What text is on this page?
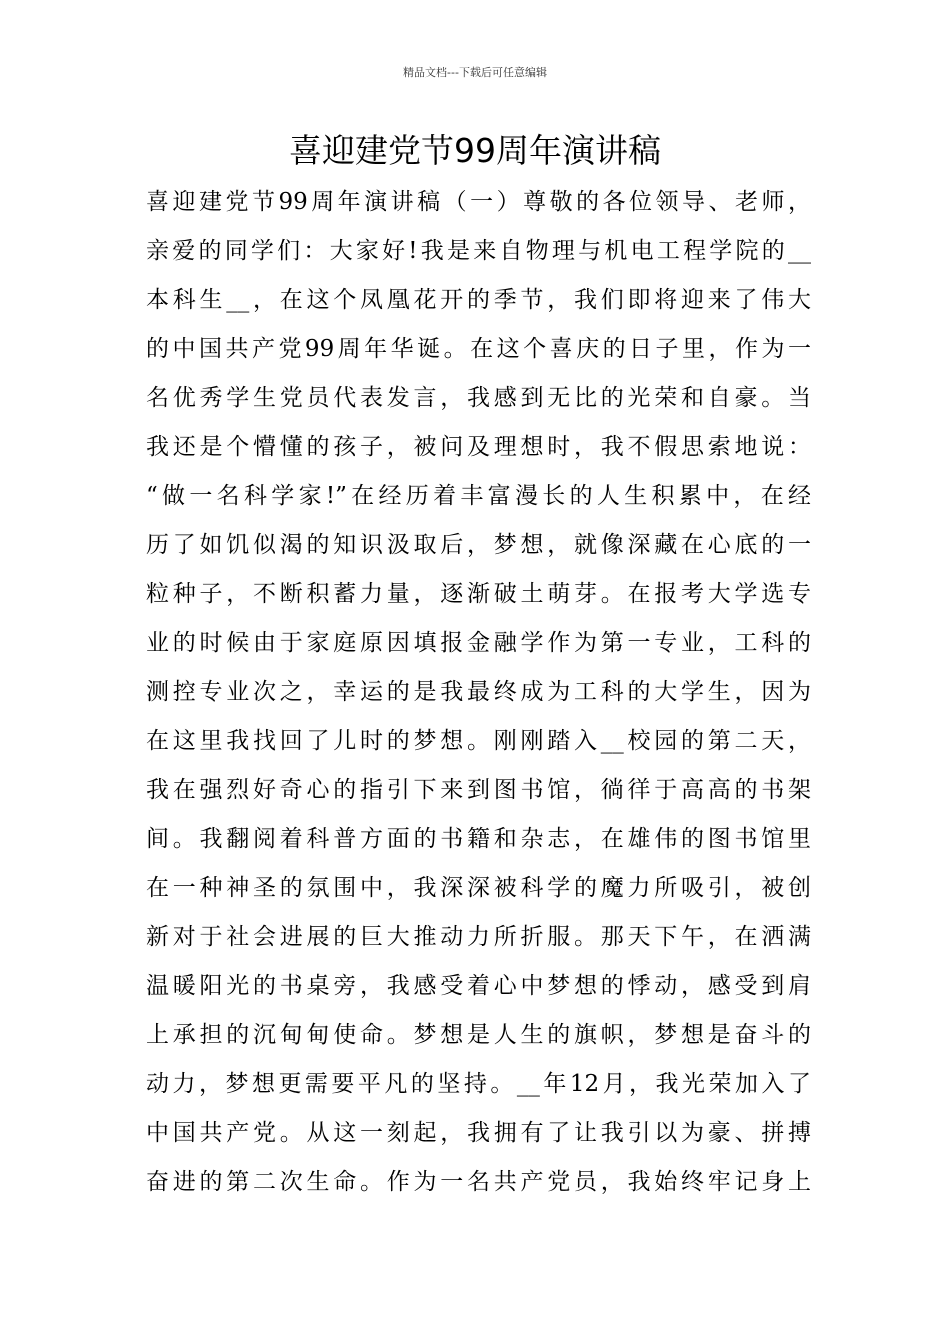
精品文档---下载后可任意编辑
喜迎建党节99周年演讲稿
喜迎建党节99周年演讲稿（一）尊敬的各位领导、老师，
亲爱的同学们：大家好!我是来自物理与机电工程学院的__
本科生__，在这个凤凰花开的季节，我们即将迎来了伟大
的中国共产党99周年华诞。在这个喜庆的日子里，作为一
名优秀学生党员代表发言，我感到无比的光荣和自豪。当
我还是个懵懂的孩子，被问及理想时，我不假思索地说：
“做一名科学家!”在经历着丰富漫长的人生积累中，在经
历了如饥似渴的知识汲取后，梦想，就像深藏在心底的一
粒种子，不断积蓄力量，逐渐破土萌芽。在报考大学选专
业的时候由于家庭原因填报金融学作为第一专业，工科的
测控专业次之，幸运的是我最终成为工科的大学生，因为
在这里我找回了儿时的梦想。刚刚踏入__校园的第二天，
我在强烈好奇心的指引下来到图书馆，徜徉于高高的书架
间。我翻阅着科普方面的书籍和杂志，在雄伟的图书馆里
在一种神圣的氛围中，我深深被科学的魔力所吸引，被创
新对于社会进展的巨大推动力所折服。那天下午，在洒满
温暖阳光的书桌旁，我感受着心中梦想的悸动，感受到肩
上承担的沉甸甸使命。梦想是人生的旗帜，梦想是奋斗的
动力，梦想更需要平凡的坚持。__年12月，我光荣加入了
中国共产党。从这一刻起，我拥有了让我引以为豪、拼搏
奋进的第二次生命。作为一名共产党员，我始终牢记身上
